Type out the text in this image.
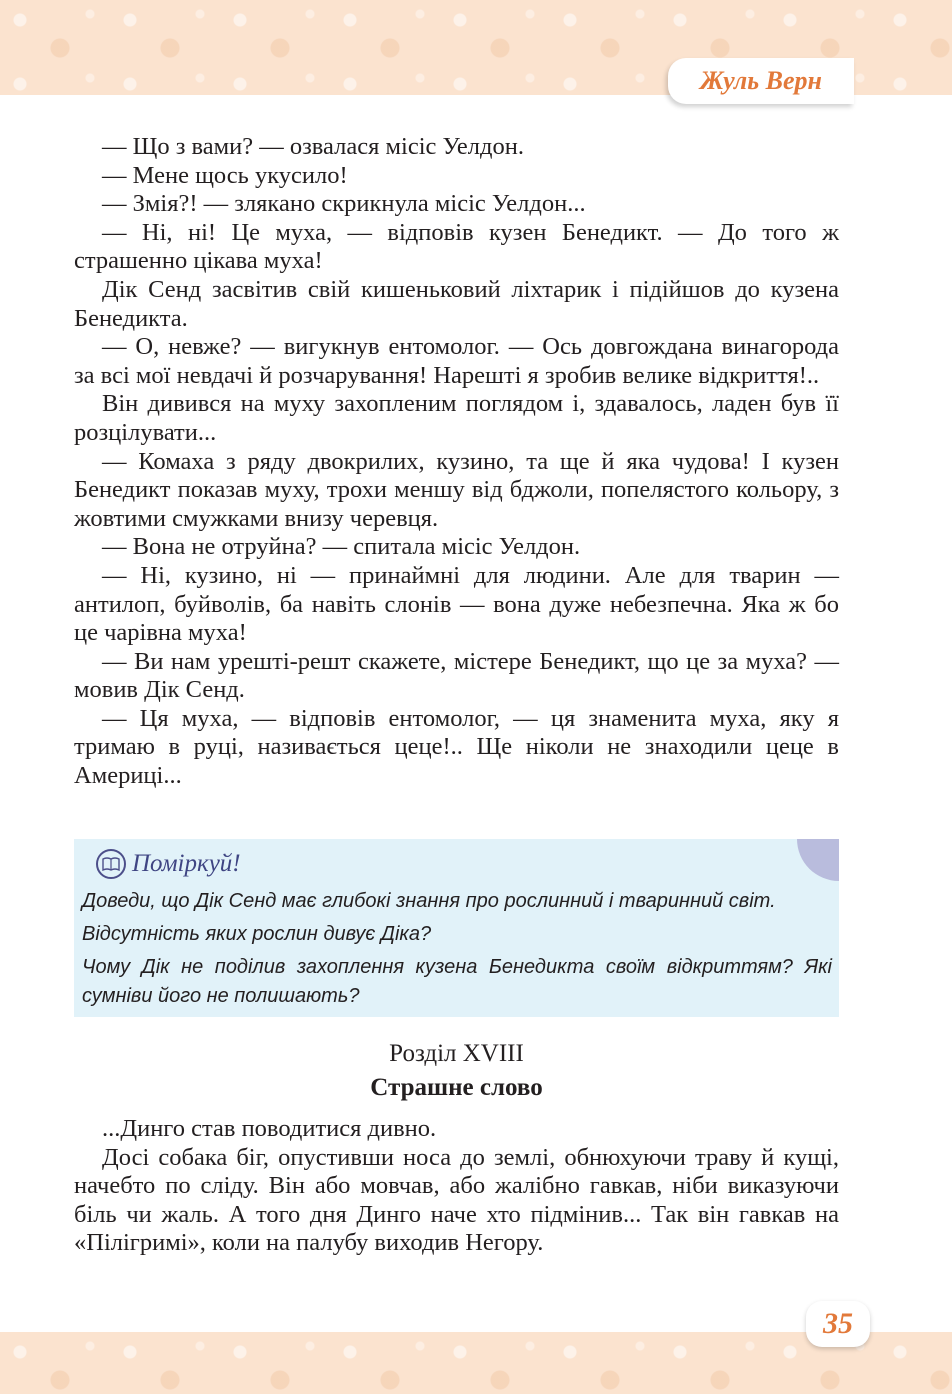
Жуль Верн

— Що з вами? — озвалася місіс Уелдон.

— Мене щось укусило!

— Змія?! — злякано скрикнула місіс Уелдон...

— Ні, ні! Це муха, — відповів кузен Бенедикт. — До того ж страшенно цікава муха!

Дік Сенд засвітив свій кишеньковий ліхтарик і підійшов до кузена Бенедикта.

— О, невже? — вигукнув ентомолог. — Ось довгождана винагорода за всі мої невдачі й розчарування! Нарешті я зробив велике відкриття!..

Він дивився на муху захопленим поглядом і, здавалось, ладен був її розцілувати...

— Комаха з ряду двокрилих, кузино, та ще й яка чудова! І кузен Бенедикт показав муху, трохи меншу від бджоли, попелястого кольору, з жовтими смужками внизу черевця.

— Вона не отруйна? — спитала місіс Уелдон.

— Ні, кузино, ні — принаймні для людини. Але для тварин — антилоп, буйволів, ба навіть слонів — вона дуже небезпечна. Яка ж бо це чарівна муха!

— Ви нам урешті-решт скажете, містере Бенедикт, що це за муха? — мовив Дік Сенд.

— Ця муха, — відповів ентомолог, — ця знаменита муха, яку я тримаю в руці, називається цеце!.. Ще ніколи не знаходили цеце в Америці...

Поміркуй!
Доведи, що Дік Сенд має глибокі знання про рослинний і тваринний світ.
Відсутність яких рослин дивує Діка?
Чому Дік не поділив захоплення кузена Бенедикта своїм відкриттям? Які сумніви його не полишають?
Розділ XVIII
Страшне слово

...Динго став поводитися дивно.

Досі собака біг, опустивши носа до землі, обнюхуючи траву й кущі, начебто по сліду. Він або мовчав, або жалібно гавкав, ніби виказуючи біль чи жаль. А того дня Динго наче хто підмінив... Так він гавкав на «Пілігримі», коли на палубу виходив Негору.

35
